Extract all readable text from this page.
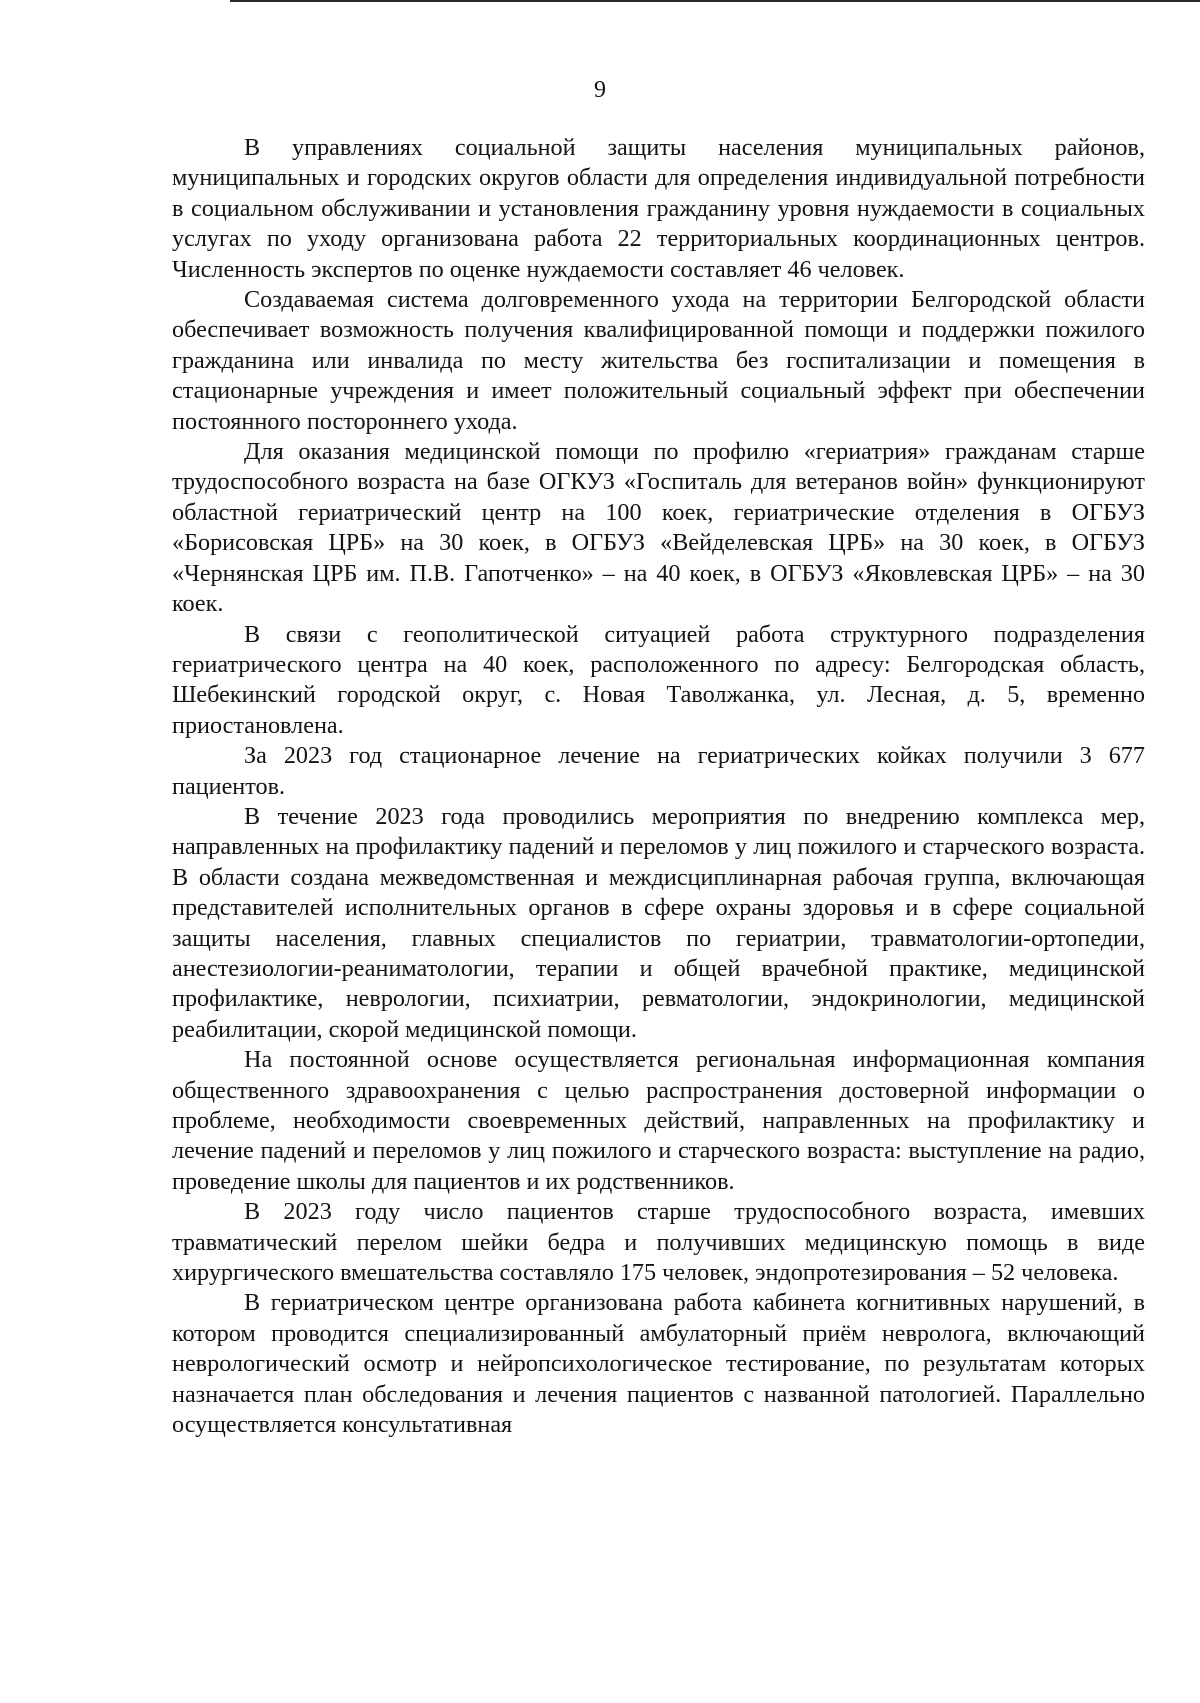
9

В управлениях социальной защиты населения муниципальных районов, муниципальных и городских округов области для определения индивидуальной потребности в социальном обслуживании и установления гражданину уровня нуждаемости в социальных услугах по уходу организована работа 22 территориальных координационных центров. Численность экспертов по оценке нуждаемости составляет 46 человек.

Создаваемая система долговременного ухода на территории Белгородской области обеспечивает возможность получения квалифицированной помощи и поддержки пожилого гражданина или инвалида по месту жительства без госпитализации и помещения в стационарные учреждения и имеет положительный социальный эффект при обеспечении постоянного постороннего ухода.

Для оказания медицинской помощи по профилю «гериатрия» гражданам старше трудоспособного возраста на базе ОГКУЗ «Госпиталь для ветеранов войн» функционируют областной гериатрический центр на 100 коек, гериатрические отделения в ОГБУЗ «Борисовская ЦРБ» на 30 коек, в ОГБУЗ «Вейделевская ЦРБ» на 30 коек, в ОГБУЗ «Чернянская ЦРБ им. П.В. Гапотченко» – на 40 коек, в ОГБУЗ «Яковлевская ЦРБ» – на 30 коек.

В связи с геополитической ситуацией работа структурного подразделения гериатрического центра на 40 коек, расположенного по адресу: Белгородская область, Шебекинский городской округ, с. Новая Таволжанка, ул. Лесная, д. 5, временно приостановлена.

За 2023 год стационарное лечение на гериатрических койках получили 3 677 пациентов.

В течение 2023 года проводились мероприятия по внедрению комплекса мер, направленных на профилактику падений и переломов у лиц пожилого и старческого возраста. В области создана межведомственная и междисциплинарная рабочая группа, включающая представителей исполнительных органов в сфере охраны здоровья и в сфере социальной защиты населения, главных специалистов по гериатрии, травматологии-ортопедии, анестезиологии-реаниматологии, терапии и общей врачебной практике, медицинской профилактике, неврологии, психиатрии, ревматологии, эндокринологии, медицинской реабилитации, скорой медицинской помощи.

На постоянной основе осуществляется региональная информационная компания общественного здравоохранения с целью распространения достоверной информации о проблеме, необходимости своевременных действий, направленных на профилактику и лечение падений и переломов у лиц пожилого и старческого возраста: выступление на радио, проведение школы для пациентов и их родственников.

В 2023 году число пациентов старше трудоспособного возраста, имевших травматический перелом шейки бедра и получивших медицинскую помощь в виде хирургического вмешательства составляло 175 человек, эндопротезирования – 52 человека.

В гериатрическом центре организована работа кабинета когнитивных нарушений, в котором проводится специализированный амбулаторный приём невролога, включающий неврологический осмотр и нейропсихологическое тестирование, по результатам которых назначается план обследования и лечения пациентов с названной патологией. Параллельно осуществляется консультативная
